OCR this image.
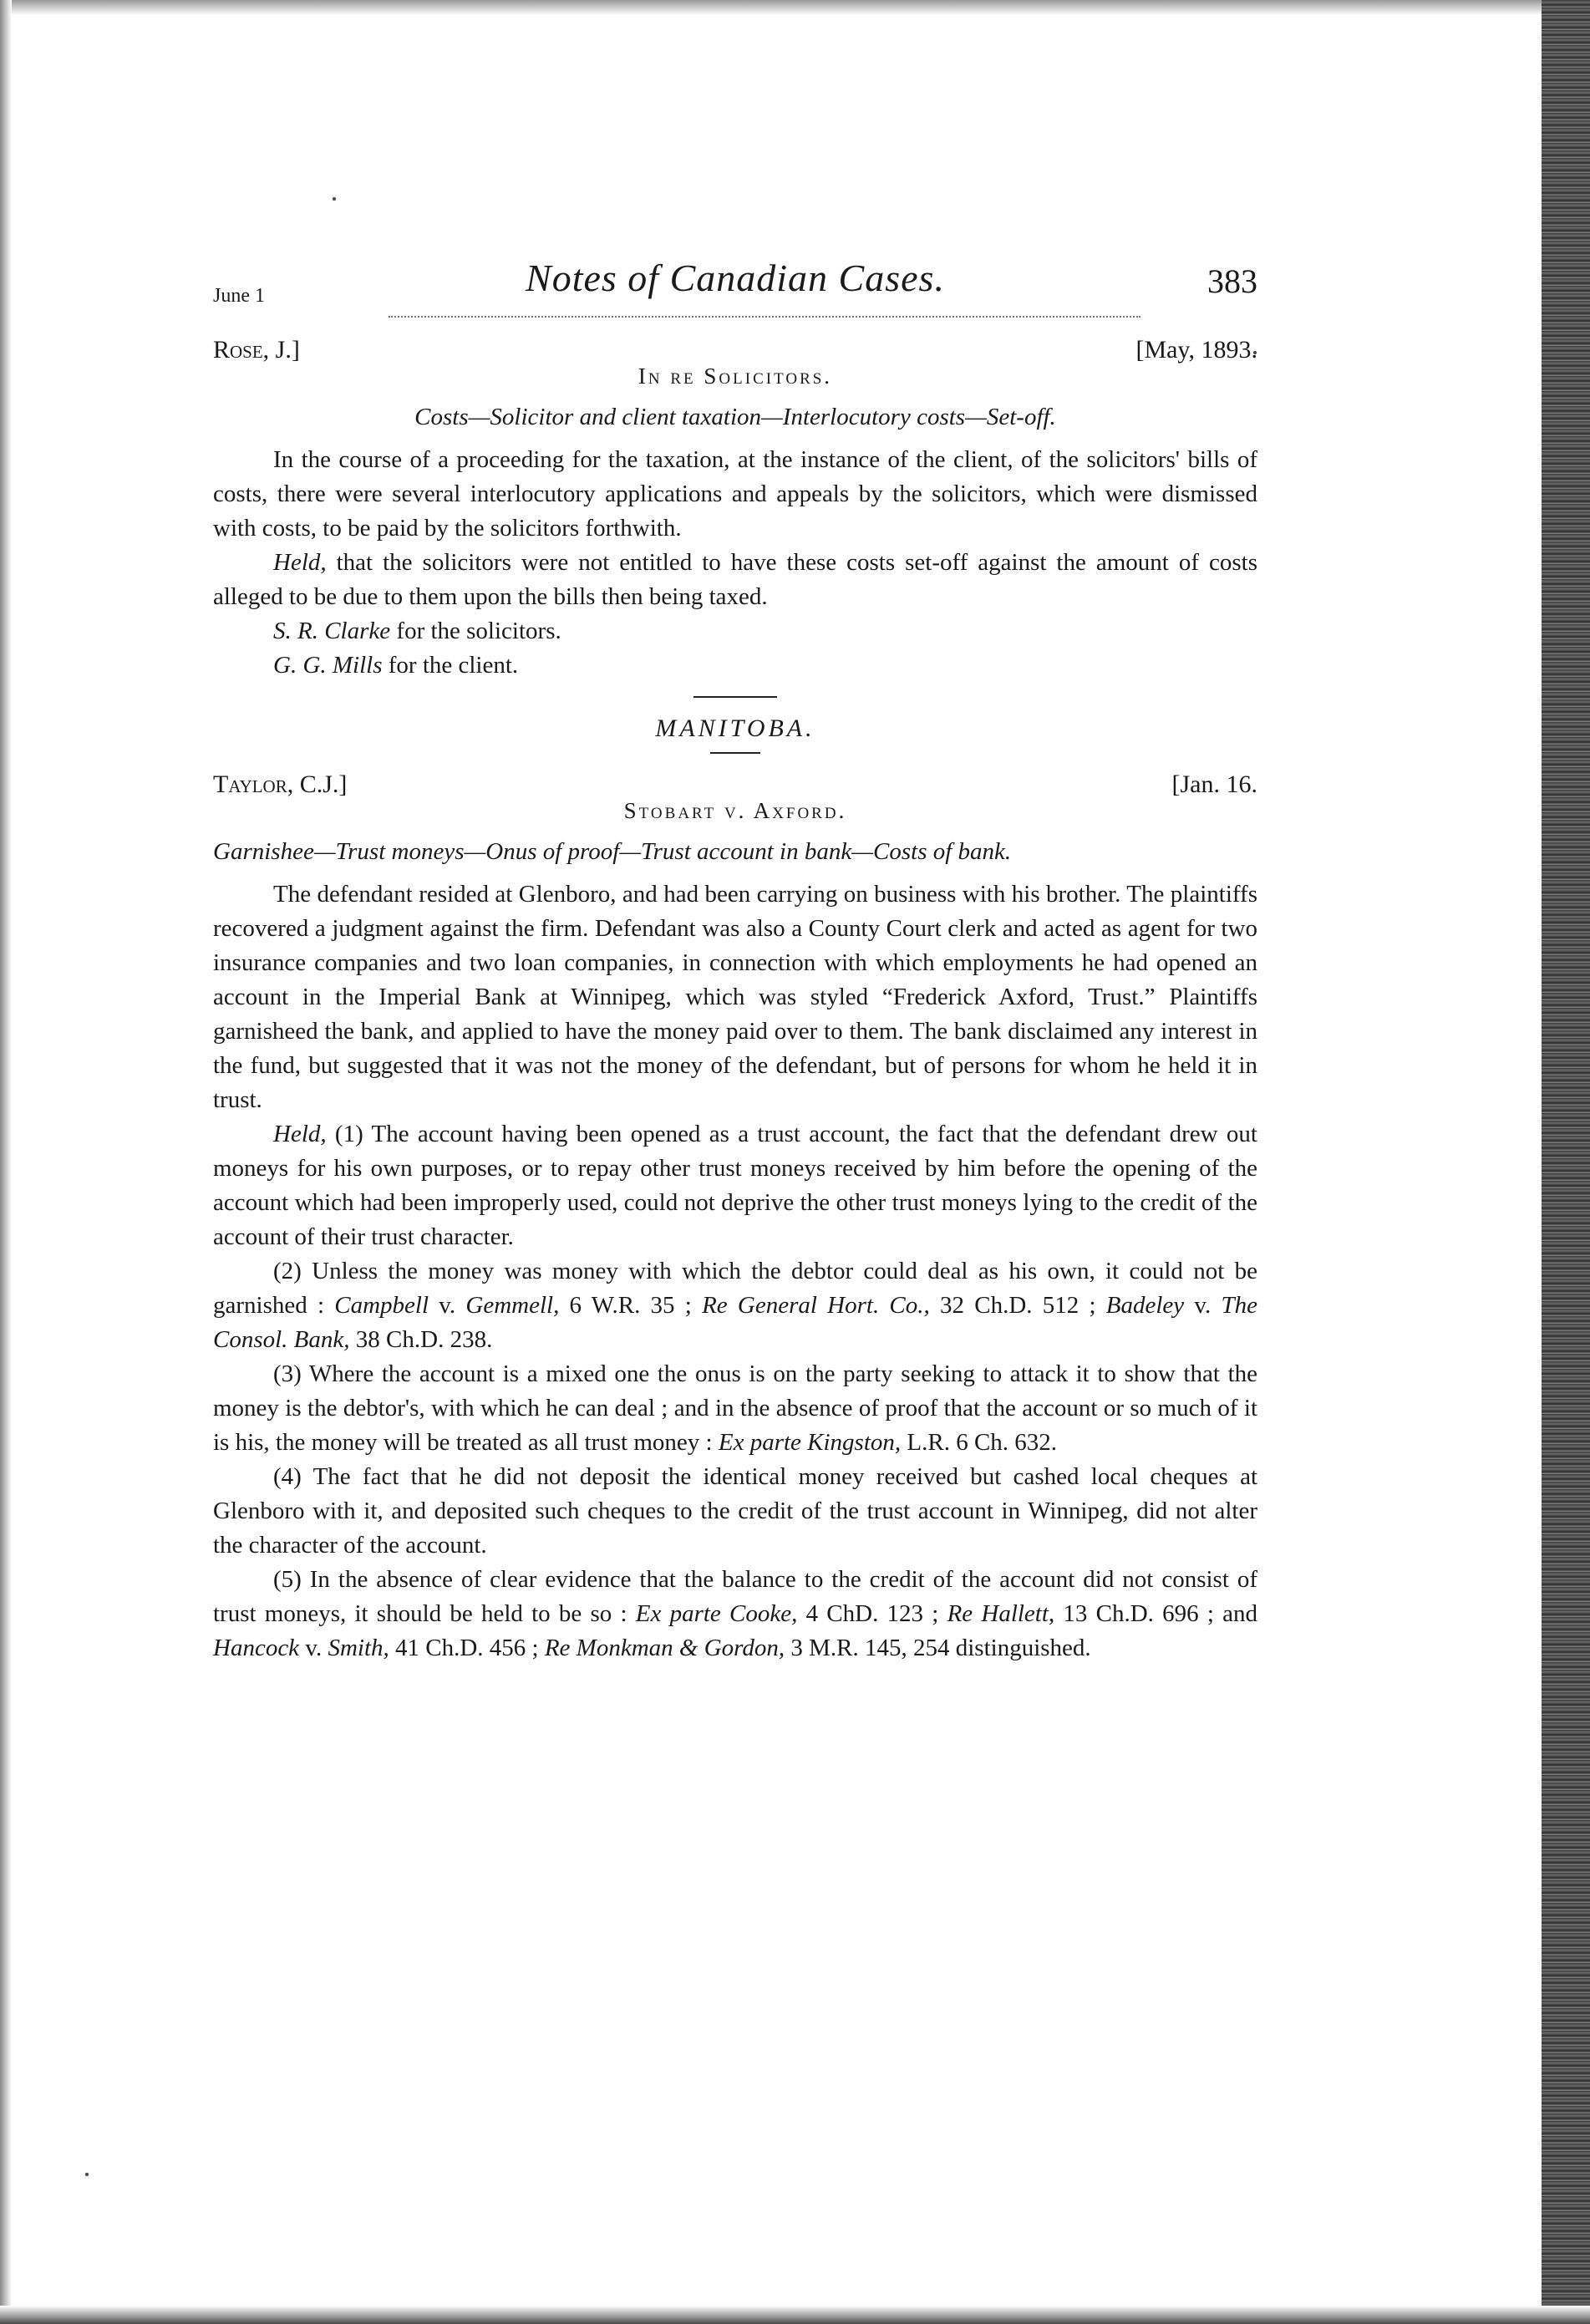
June 1	Notes of Canadian Cases.	383
Rose, J.]	[May, 1893.
In re Solicitors.
Costs—Solicitor and client taxation—Interlocutory costs—Set-off.

In the course of a proceeding for the taxation, at the instance of the client, of the solicitors' bills of costs, there were several interlocutory applications and appeals by the solicitors, which were dismissed with costs, to be paid by the solicitors forthwith.

Held, that the solicitors were not entitled to have these costs set-off against the amount of costs alleged to be due to them upon the bills then being taxed.

S. R. Clarke for the solicitors.

G. G. Mills for the client.

MANITOBA.
Taylor, C.J.]	[Jan. 16.
Stobart v. Axford.
Garnishee—Trust moneys—Onus of proof—Trust account in bank—Costs of bank.

The defendant resided at Glenboro, and had been carrying on business with his brother. The plaintiffs recovered a judgment against the firm. Defendant was also a County Court clerk and acted as agent for two insurance companies and two loan companies, in connection with which employments he had opened an account in the Imperial Bank at Winnipeg, which was styled “Frederick Axford, Trust.” Plaintiffs garnisheed the bank, and applied to have the money paid over to them. The bank disclaimed any interest in the fund, but suggested that it was not the money of the defendant, but of persons for whom he held it in trust.

Held, (1) The account having been opened as a trust account, the fact that the defendant drew out moneys for his own purposes, or to repay other trust moneys received by him before the opening of the account which had been improperly used, could not deprive the other trust moneys lying to the credit of the account of their trust character.

(2) Unless the money was money with which the debtor could deal as his own, it could not be garnished : Campbell v. Gemmell, 6 W.R. 35 ; Re General Hort. Co., 32 Ch.D. 512 ; Badeley v. The Consol. Bank, 38 Ch.D. 238.

(3) Where the account is a mixed one the onus is on the party seeking to attack it to show that the money is the debtor's, with which he can deal ; and in the absence of proof that the account or so much of it is his, the money will be treated as all trust money : Ex parte Kingston, L.R. 6 Ch. 632.

(4) The fact that he did not deposit the identical money received but cashed local cheques at Glenboro with it, and deposited such cheques to the credit of the trust account in Winnipeg, did not alter the character of the account.

(5) In the absence of clear evidence that the balance to the credit of the account did not consist of trust moneys, it should be held to be so : Ex parte Cooke, 4 ChD. 123 ; Re Hallett, 13 Ch.D. 696 ; and Hancock v. Smith, 41 Ch.D. 456 ; Re Monkman & Gordon, 3 M.R. 145, 254 distinguished.
